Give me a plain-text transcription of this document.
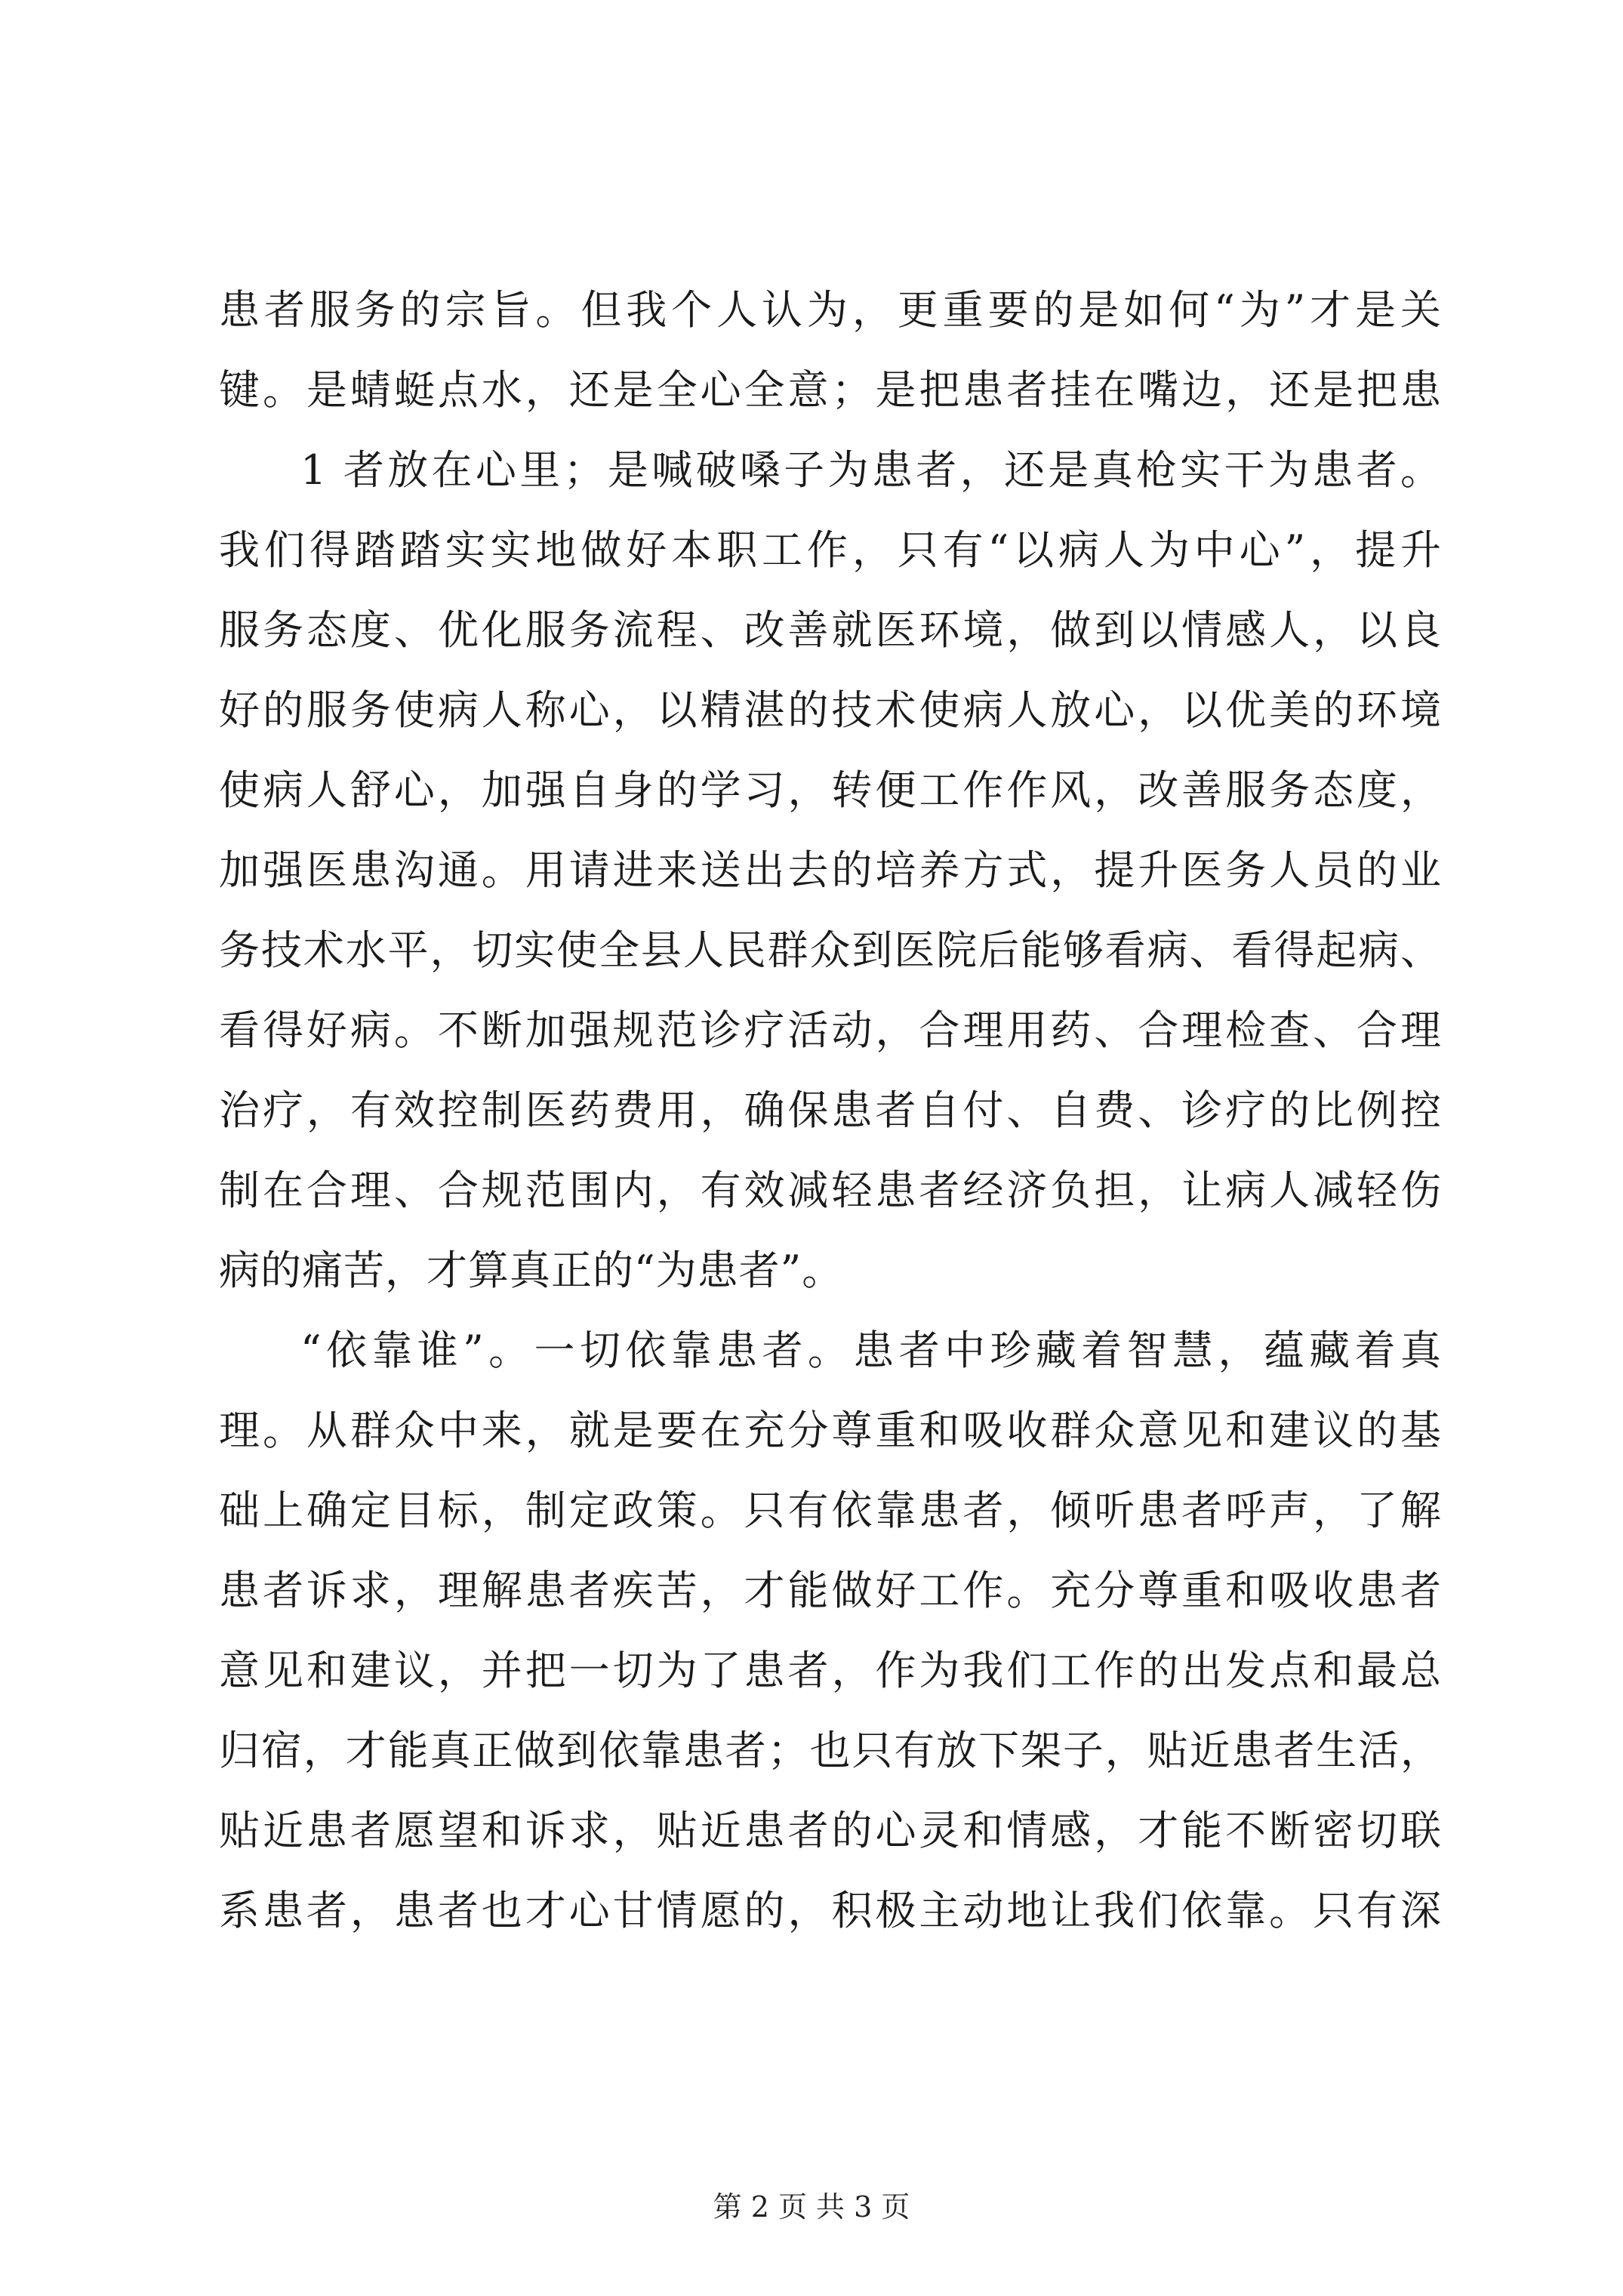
患者服务的宗旨。但我个人认为，更重要的是如何“为”才是关
键。是蜻蜓点水，还是全心全意；是把患者挂在嘴边，还是把患
1 者放在心里；是喊破嗓子为患者，还是真枪实干为患者。
我们得踏踏实实地做好本职工作，只有“以病人为中心”，提升
服务态度、优化服务流程、改善就医环境，做到以情感人，以良
好的服务使病人称心，以精湛的技术使病人放心，以优美的环境
使病人舒心，加强自身的学习，转便工作作风，改善服务态度，
加强医患沟通。用请进来送出去的培养方式，提升医务人员的业
务技术水平，切实使全县人民群众到医院后能够看病、看得起病、
看得好病。不断加强规范诊疗活动，合理用药、合理检查、合理
治疗，有效控制医药费用，确保患者自付、自费、诊疗的比例控
制在合理、合规范围内，有效减轻患者经济负担，让病人减轻伤
病的痛苦，才算真正的“为患者”。
“依靠谁”。一切依靠患者。患者中珍藏着智慧，蕴藏着真
理。从群众中来，就是要在充分尊重和吸收群众意见和建议的基
础上确定目标，制定政策。只有依靠患者，倾听患者呼声，了解
患者诉求，理解患者疾苦，才能做好工作。充分尊重和吸收患者
意见和建议，并把一切为了患者，作为我们工作的出发点和最总
归宿，才能真正做到依靠患者；也只有放下架子，贴近患者生活，
贴近患者愿望和诉求，贴近患者的心灵和情感，才能不断密切联
系患者，患者也才心甘情愿的，积极主动地让我们依靠。只有深
第 2 页 共 3 页
